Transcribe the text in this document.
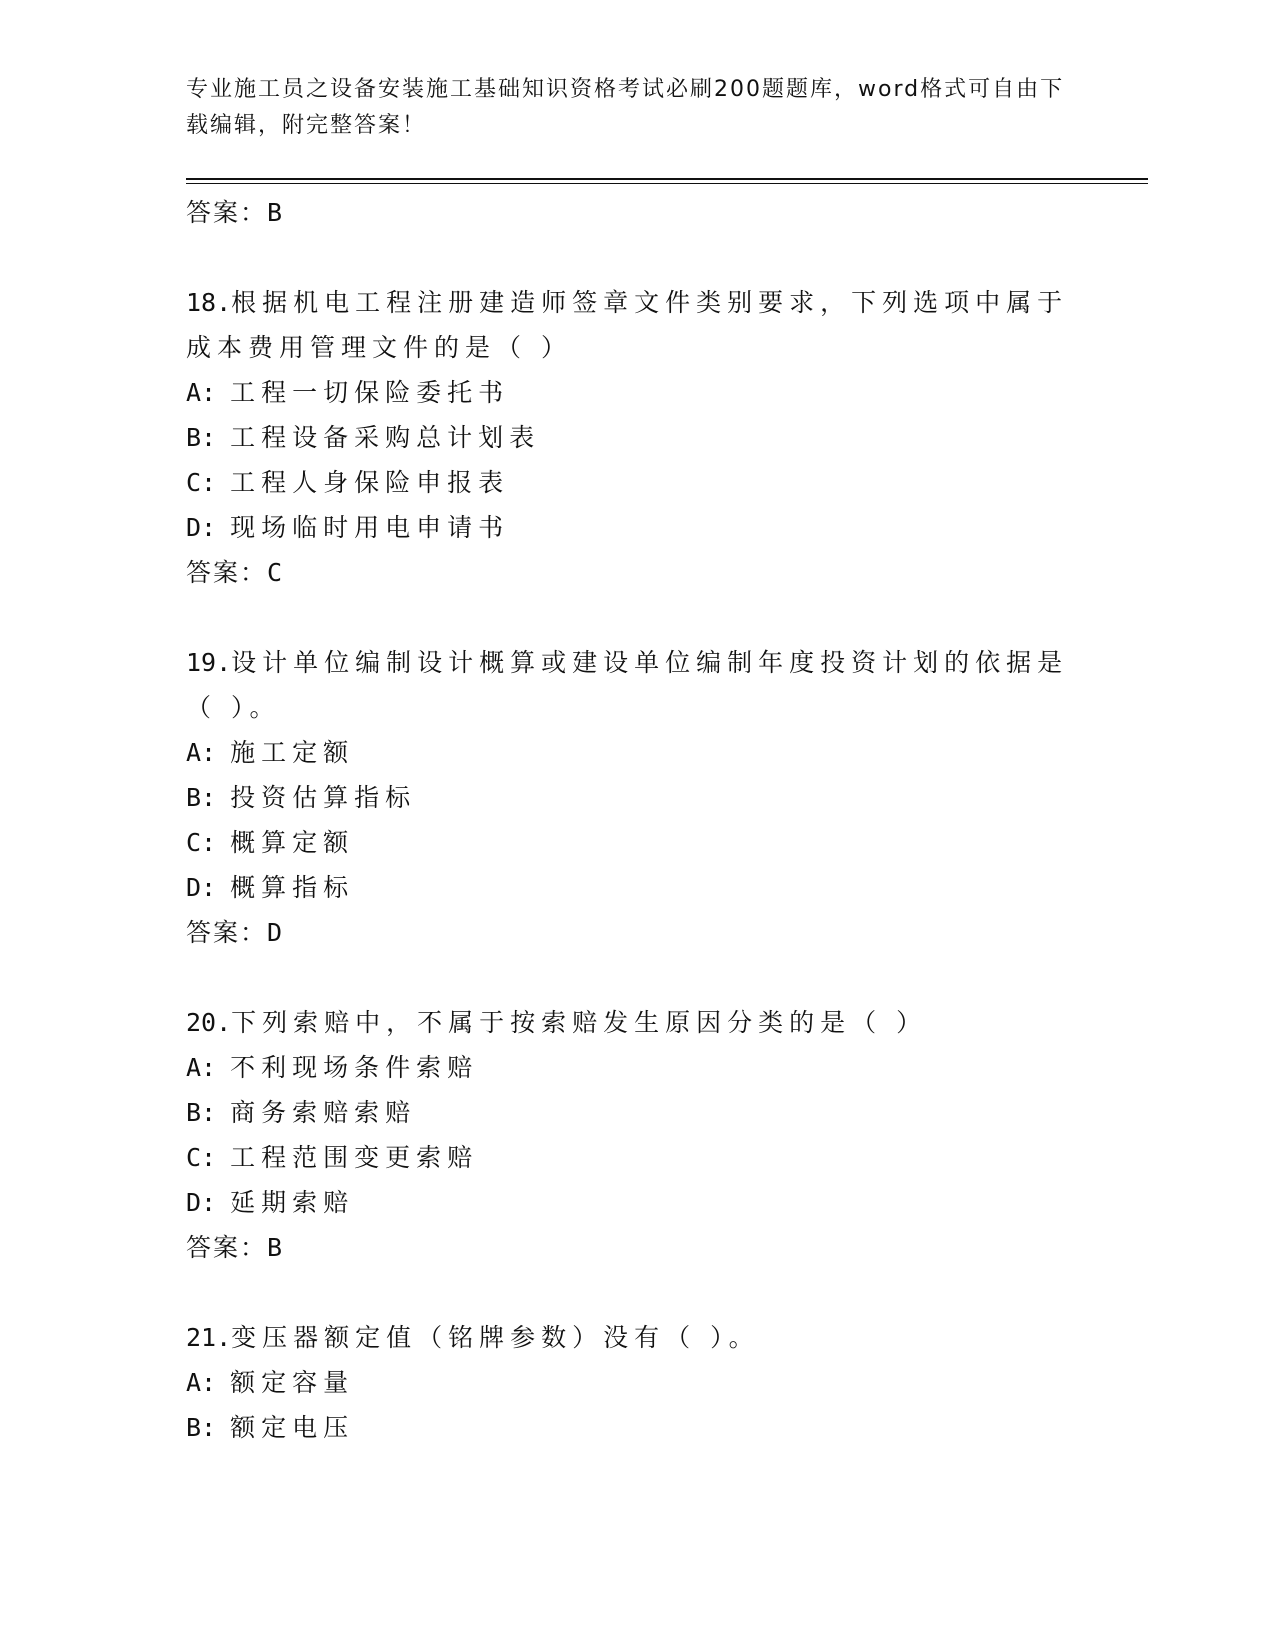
专业施工员之设备安装施工基础知识资格考试必刷200题题库，word格式可自由下载编辑，附完整答案！
答案：B
18.根据机电工程注册建造师签章文件类别要求，下列选项中属于成本费用管理文件的是（ ）
A: 工程一切保险委托书
B: 工程设备采购总计划表
C: 工程人身保险申报表
D: 现场临时用电申请书
答案：C
19.设计单位编制设计概算或建设单位编制年度投资计划的依据是（ ）。
A: 施工定额
B: 投资估算指标
C: 概算定额
D: 概算指标
答案：D
20.下列索赔中，不属于按索赔发生原因分类的是（ ）
A: 不利现场条件索赔
B: 商务索赔索赔
C: 工程范围变更索赔
D: 延期索赔
答案：B
21.变压器额定值（铭牌参数）没有（ ）。
A: 额定容量
B: 额定电压
